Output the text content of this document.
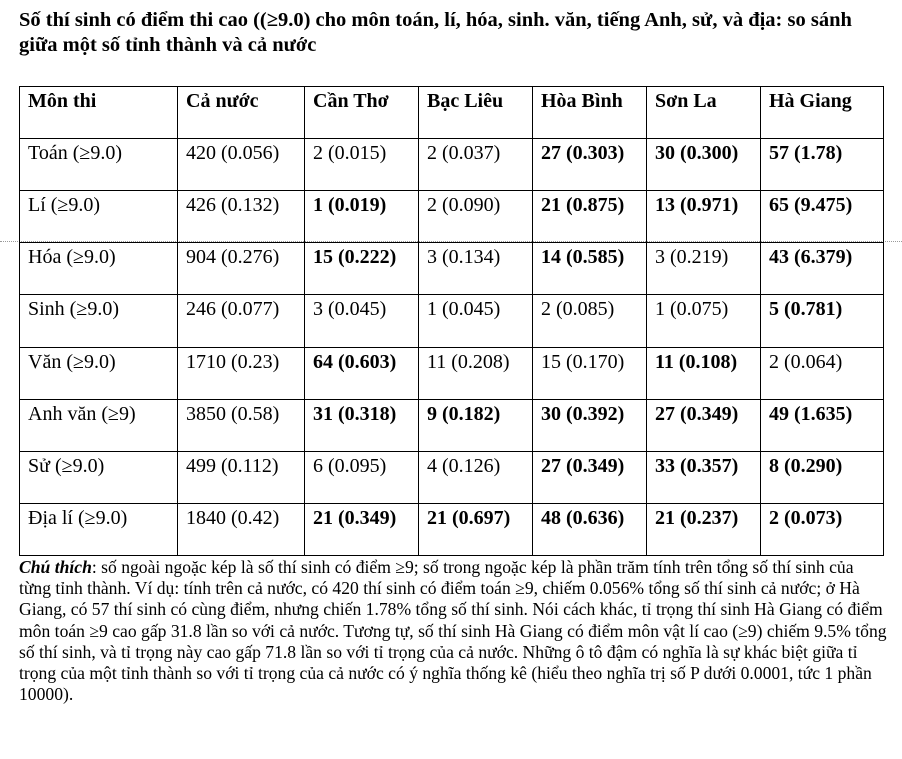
Số thí sinh có điểm thi cao ((≥9.0) cho môn toán, lí, hóa, sinh. văn, tiếng Anh, sử, và địa: so sánh giữa một số tỉnh thành và cả nước
Môn thi	Cả nước	Cần Thơ	Bạc Liêu	Hòa Bình	Sơn La	Hà Giang
Toán (≥9.0)	420 (0.056)	2 (0.015)	2 (0.037)	27 (0.303)	30 (0.300)	57 (1.78)
Lí (≥9.0)	426 (0.132)	1 (0.019)	2 (0.090)	21 (0.875)	13 (0.971)	65 (9.475)
Hóa (≥9.0)	904 (0.276)	15 (0.222)	3 (0.134)	14 (0.585)	3 (0.219)	43 (6.379)
Sinh (≥9.0)	246 (0.077)	3 (0.045)	1 (0.045)	2 (0.085)	1 (0.075)	5 (0.781)
Văn (≥9.0)	1710 (0.23)	64 (0.603)	11 (0.208)	15 (0.170)	11 (0.108)	2 (0.064)
Anh văn (≥9)	3850 (0.58)	31 (0.318)	9 (0.182)	30 (0.392)	27 (0.349)	49 (1.635)
Sử (≥9.0)	499 (0.112)	6 (0.095)	4 (0.126)	27 (0.349)	33 (0.357)	8 (0.290)
Địa lí (≥9.0)	1840 (0.42)	21 (0.349)	21 (0.697)	48 (0.636)	21 (0.237)	2 (0.073)

Chú thích: số ngoài ngoặc kép là số thí sinh có điểm ≥9; số trong ngoặc kép là phần trăm tính trên tổng số thí sinh của từng tỉnh thành. Ví dụ: tính trên cả nước, có 420 thí sinh có điểm toán ≥9, chiếm 0.056% tổng số thí sinh cả nước; ở Hà Giang, có 57 thí sinh có cùng điểm, nhưng chiến 1.78% tổng số thí sinh. Nói cách khác, tỉ trọng thí sinh Hà Giang có điểm môn toán ≥9 cao gấp 31.8 lần so với cả nước. Tương tự, số thí sinh Hà Giang có điểm môn vật lí cao (≥9) chiếm 9.5% tổng số thí sinh, và tỉ trọng này cao gấp 71.8 lần so với tỉ trọng của cả nước. Những ô tô đậm có nghĩa là sự khác biệt giữa tỉ trọng của một tỉnh thành so với tỉ trọng của cả nước có ý nghĩa thống kê (hiểu theo nghĩa trị số P dưới 0.0001, tức 1 phần 10000).
